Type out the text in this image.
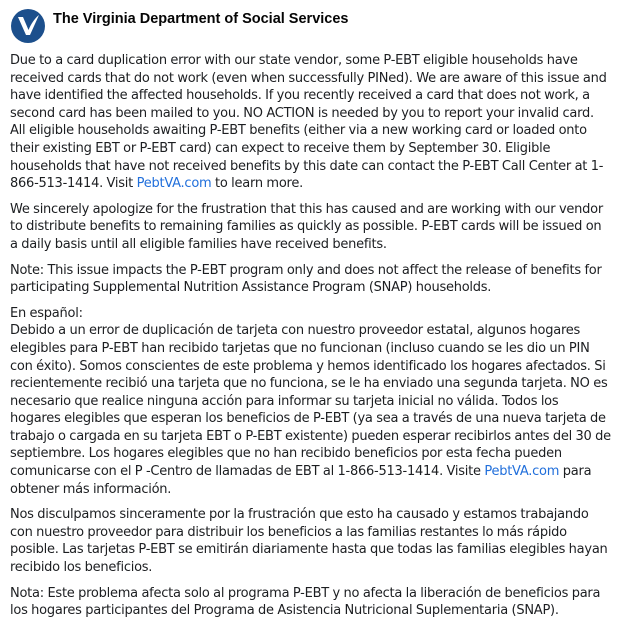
The Virginia Department of Social Services

Due to a card duplication error with our state vendor, some P-EBT eligible households have received cards that do not work (even when successfully PINed). We are aware of this issue and have identified the affected households. If you recently received a card that does not work, a second card has been mailed to you. NO ACTION is needed by you to report your invalid card. All eligible households awaiting P-EBT benefits (either via a new working card or loaded onto their existing EBT or P-EBT card) can expect to receive them by September 30. Eligible households that have not received benefits by this date can contact the P-EBT Call Center at 1-866-513-1414. Visit PebtVA.com to learn more.

We sincerely apologize for the frustration that this has caused and are working with our vendor to distribute benefits to remaining families as quickly as possible. P-EBT cards will be issued on a daily basis until all eligible families have received benefits.

Note: This issue impacts the P-EBT program only and does not affect the release of benefits for participating Supplemental Nutrition Assistance Program (SNAP) households.

En español:
Debido a un error de duplicación de tarjeta con nuestro proveedor estatal, algunos hogares elegibles para P-EBT han recibido tarjetas que no funcionan (incluso cuando se les dio un PIN con éxito). Somos conscientes de este problema y hemos identificado los hogares afectados. Si recientemente recibió una tarjeta que no funciona, se le ha enviado una segunda tarjeta. NO es necesario que realice ninguna acción para informar su tarjeta inicial no válida. Todos los hogares elegibles que esperan los beneficios de P-EBT (ya sea a través de una nueva tarjeta de trabajo o cargada en su tarjeta EBT o P-EBT existente) pueden esperar recibirlos antes del 30 de septiembre. Los hogares elegibles que no han recibido beneficios por esta fecha pueden comunicarse con el P -Centro de llamadas de EBT al 1-866-513-1414. Visite PebtVA.com para obtener más información.

Nos disculpamos sinceramente por la frustración que esto ha causado y estamos trabajando con nuestro proveedor para distribuir los beneficios a las familias restantes lo más rápido posible. Las tarjetas P-EBT se emitirán diariamente hasta que todas las familias elegibles hayan recibido los beneficios.

Nota: Este problema afecta solo al programa P-EBT y no afecta la liberación de beneficios para los hogares participantes del Programa de Asistencia Nutricional Suplementaria (SNAP).
